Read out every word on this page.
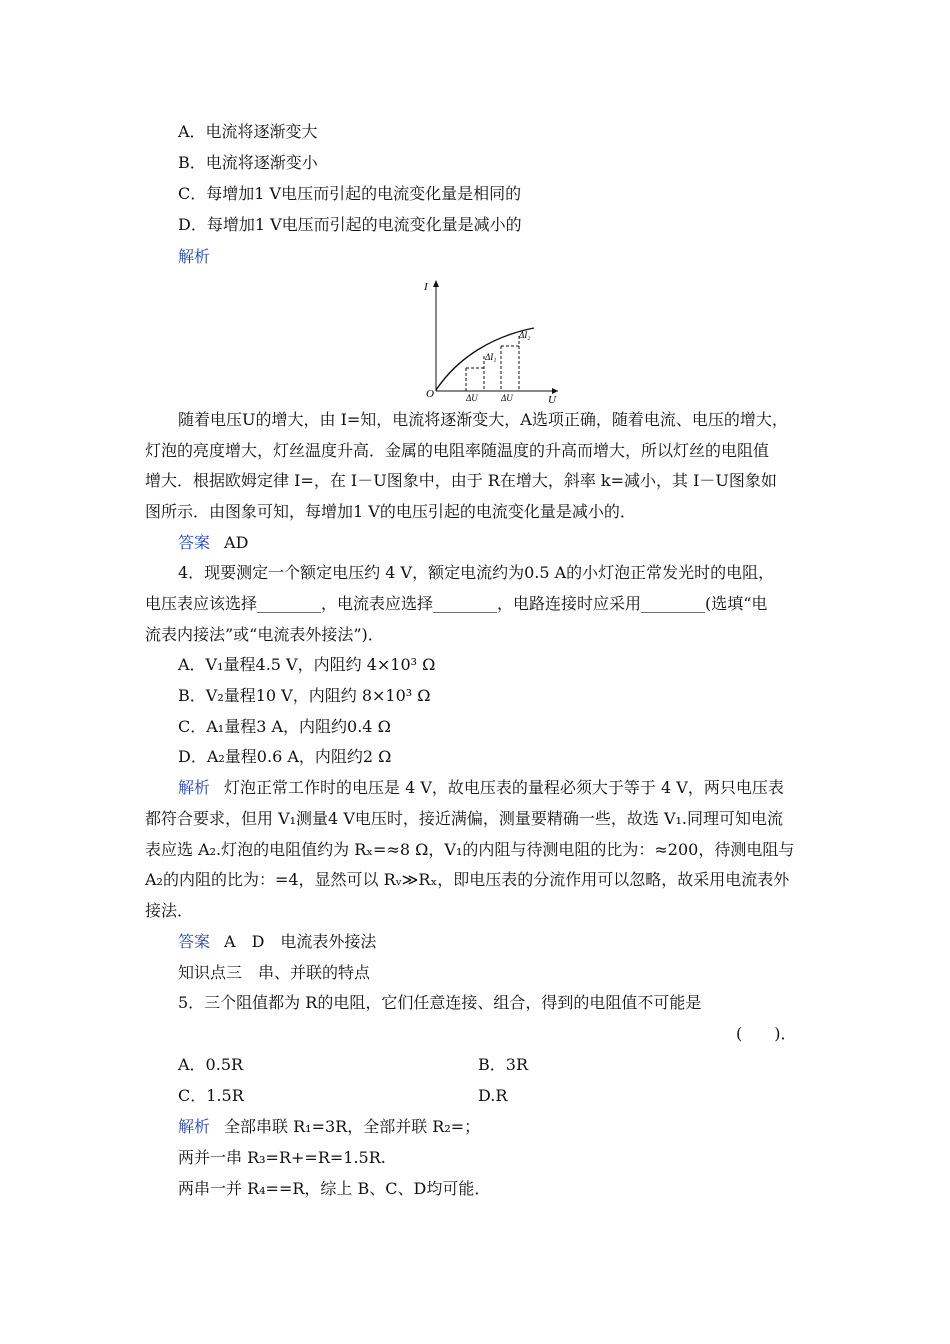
A．电流将逐渐变大
B．电流将逐渐变小
C．每增加1 V电压而引起的电流变化量是相同的
D．每增加1 V电压而引起的电流变化量是减小的
解析
I
U
O
ΔI₂
ΔI₁
ΔU	ΔU
随着电压U的增大，由 I=知，电流将逐渐变大，A选项正确，随着电流、电压的增大，
灯泡的亮度增大，灯丝温度升高．金属的电阻率随温度的升高而增大，所以灯丝的电阻值
增大．根据欧姆定律 I=，在 I－U图象中，由于 R在增大，斜率 k=减小，其 I－U图象如
图所示．由图象可知，每增加1 V的电压引起的电流变化量是减小的．
答案 AD
4．现要测定一个额定电压约 4 V，额定电流约为0.5 A的小灯泡正常发光时的电阻，
电压表应该选择________，电流表应选择________，电路连接时应采用________(选填“电
流表内接法”或“电流表外接法”)．
A．V₁量程4.5 V，内阻约 4×10³ Ω
B．V₂量程10 V，内阻约 8×10³ Ω
C．A₁量程3 A，内阻约0.4 Ω
D．A₂量程0.6 A，内阻约2 Ω
解析 灯泡正常工作时的电压是 4 V，故电压表的量程必须大于等于 4 V，两只电压表
都符合要求，但用 V₁测量4 V电压时，接近满偏，测量要精确一些，故选 V₁.同理可知电流
表应选 A₂.灯泡的电阻值约为 Rₓ=≈8 Ω，V₁的内阻与待测电阻的比为：≈200，待测电阻与
A₂的内阻的比为：=4，显然可以 Rᵥ≫Rₓ，即电压表的分流作用可以忽略，故采用电流表外
接法．
答案 A　D　电流表外接法
知识点三　串、并联的特点
5．三个阻值都为 R的电阻，它们任意连接、组合，得到的电阻值不可能是
(　　)．
A．0.5R	B．3R
C．1.5R	D.R
解析 全部串联 R₁=3R，全部并联 R₂=；
两并一串 R₃=R+=R=1.5R.
两串一并 R₄==R，综上 B、C、D均可能．
